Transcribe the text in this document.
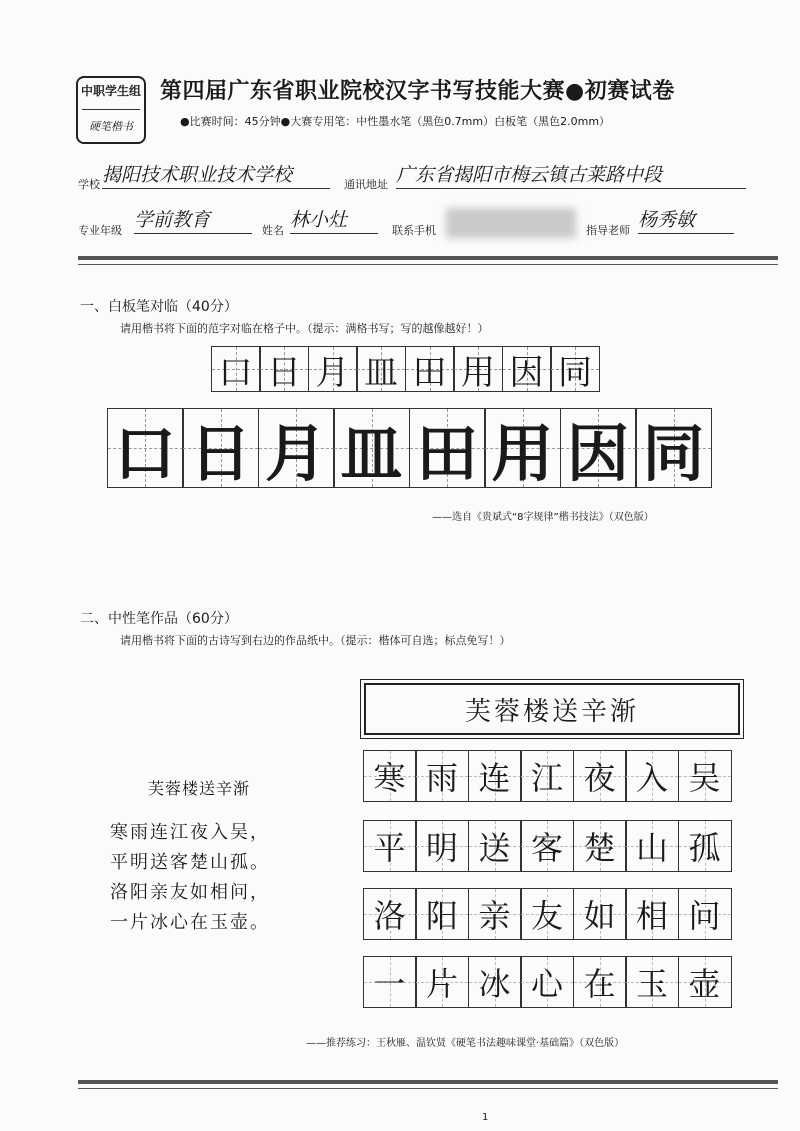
中职学生组
硬笔楷书
第四届广东省职业院校汉字书写技能大赛●初赛试卷
●比赛时间：45分钟●大赛专用笔：中性墨水笔（黑色0.7mm）白板笔（黑色2.0mm）
学校 揭阳技术职业技术学校	通讯地址 广东省揭阳市梅云镇古莱路中段
专业年级 学前教育	姓名 林小灶	联系手机	指导老师 杨秀敏
一、白板笔对临（40分）
请用楷书将下面的范字对临在格子中。（提示：满格书写；写的越像越好！）
口 日 月 皿 田 用 因 同
口 日 月 皿 田 用 因 同
——选自《贵斌式“8字规律”楷书技法》（双色版）
二、中性笔作品（60分）
请用楷书将下面的古诗写到右边的作品纸中。（提示：楷体可自选；标点免写！）
芙蓉楼送辛渐
寒雨连江夜入吴，
平明送客楚山孤。
洛阳亲友如相问，
一片冰心在玉壶。
芙蓉楼送辛渐
寒 雨 连 江 夜 入 吴
平 明 送 客 楚 山 孤
洛 阳 亲 友 如 相 问
一 片 冰 心 在 玉 壶
——推荐练习：王秋雁、温钦贤《硬笔书法趣味课堂·基础篇》（双色版）
1
